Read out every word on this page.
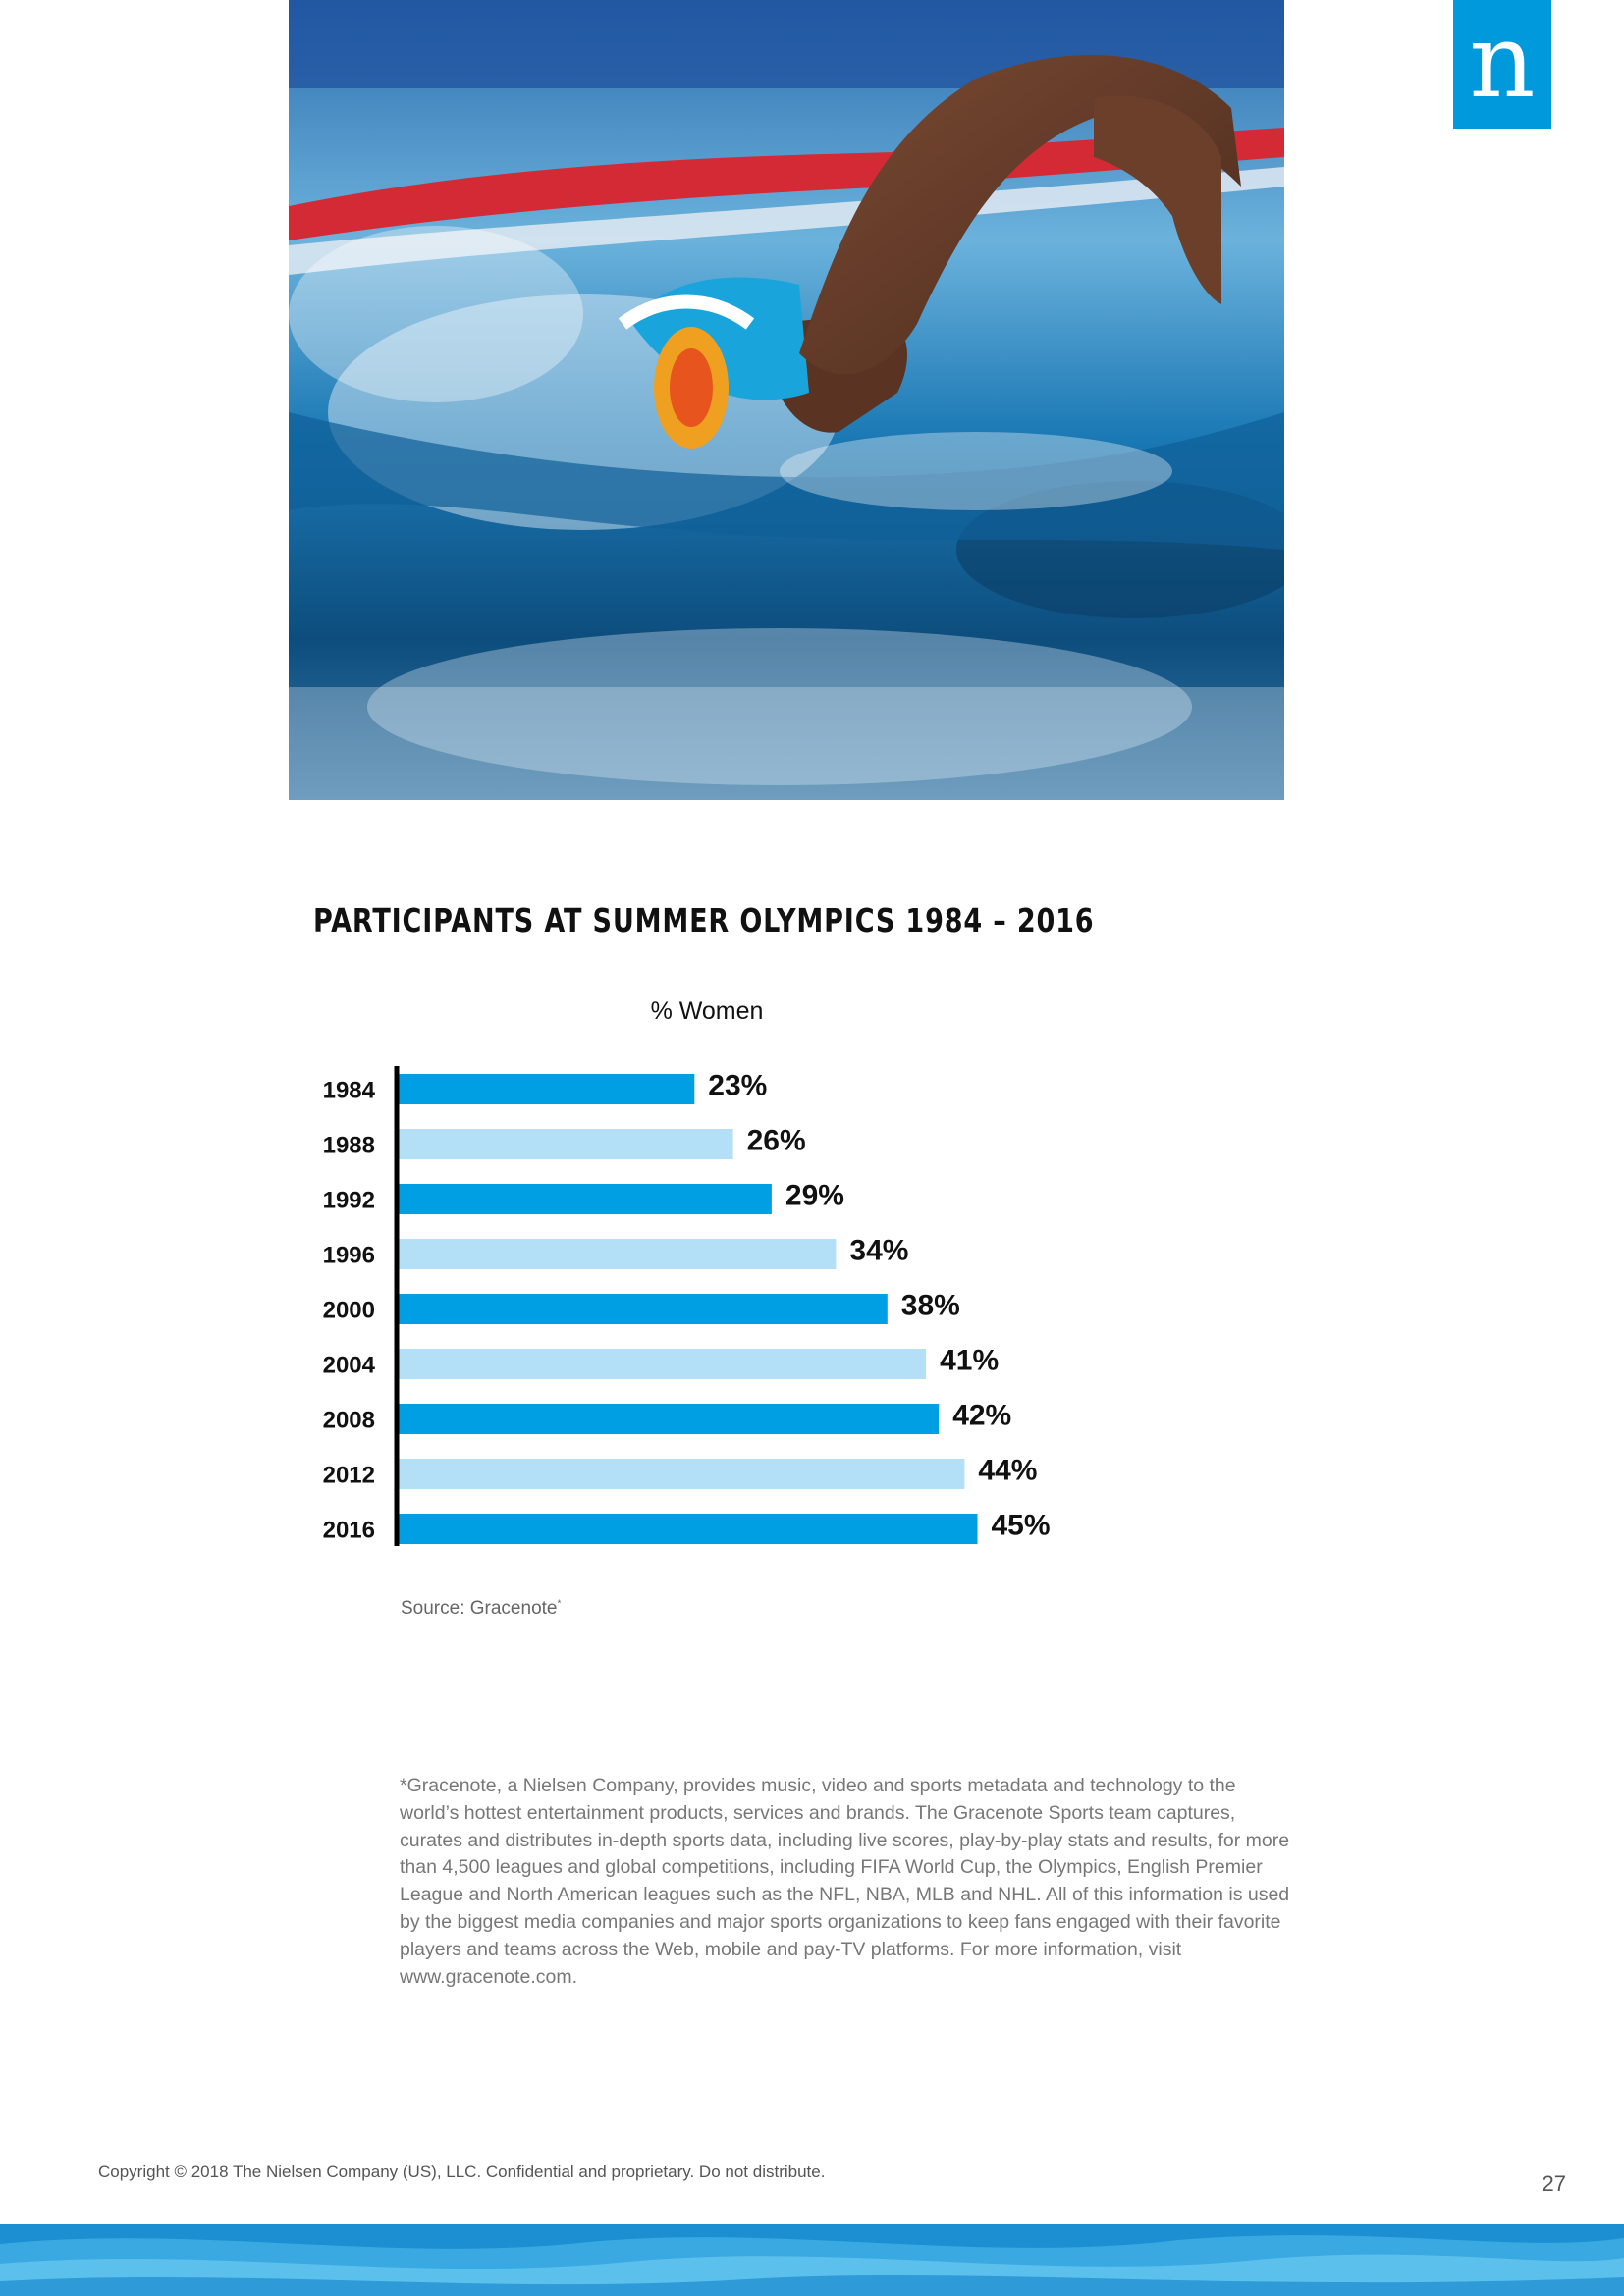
n
PARTICIPANTS AT SUMMER OLYMPICS 1984 – 2016
% Women
1984	23%
1988	26%
1992	29%
1996	34%
2000	38%
2004	41%
2008	42%
2012	44%
2016	45%
Source: Gracenote*
*Gracenote, a Nielsen Company, provides music, video and sports metadata and technology to the world’s hottest entertainment products, services and brands. The Gracenote Sports team captures, curates and distributes in-depth sports data, including live scores, play-by-play stats and results, for more than 4,500 leagues and global competitions, including FIFA World Cup, the Olympics, English Premier League and North American leagues such as the NFL, NBA, MLB and NHL. All of this information is used by the biggest media companies and major sports organizations to keep fans engaged with their favorite players and teams across the Web, mobile and pay-TV platforms. For more information, visit www.gracenote.com.
Copyright © 2018 The Nielsen Company (US), LLC. Confidential and proprietary. Do not distribute.	27
